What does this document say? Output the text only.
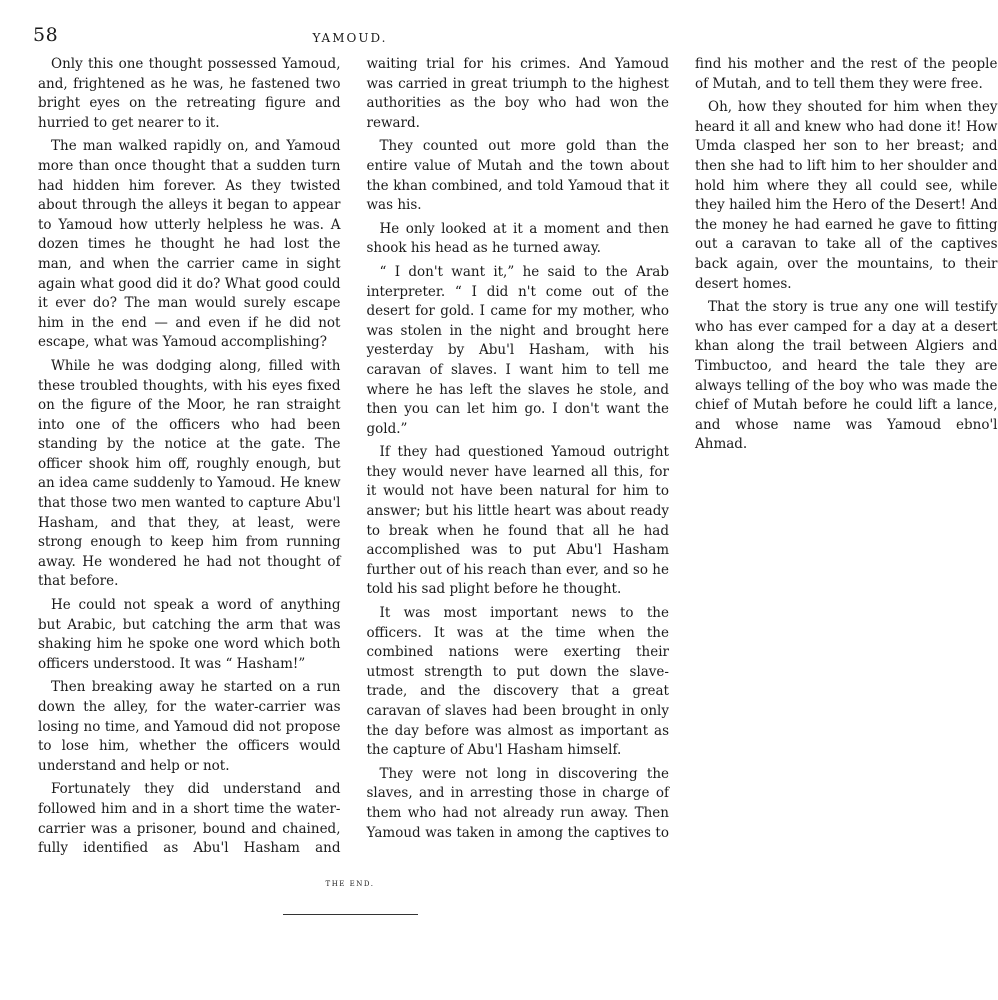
58	YAMOUD.

Only this one thought possessed Yamoud, and, frightened as he was, he fastened two bright eyes on the retreating figure and hurried to get nearer to it.

The man walked rapidly on, and Yamoud more than once thought that a sudden turn had hidden him forever. As they twisted about through the alleys it began to appear to Yamoud how utterly helpless he was. A dozen times he thought he had lost the man, and when the carrier came in sight again what good did it do? What good could it ever do? The man would surely escape him in the end — and even if he did not escape, what was Yamoud accomplishing?

While he was dodging along, filled with these troubled thoughts, with his eyes fixed on the figure of the Moor, he ran straight into one of the officers who had been standing by the notice at the gate. The officer shook him off, roughly enough, but an idea came suddenly to Yamoud. He knew that those two men wanted to capture Abu'l Hasham, and that they, at least, were strong enough to keep him from running away. He wondered he had not thought of that before.

He could not speak a word of anything but Arabic, but catching the arm that was shaking him he spoke one word which both officers understood. It was “ Hasham!”

Then breaking away he started on a run down the alley, for the water-carrier was losing no time, and Yamoud did not propose to lose him, whether the officers would understand and help or not.

Fortunately they did understand and followed him and in a short time the water-carrier was a prisoner, bound and chained, fully identified as Abu'l Hasham and waiting trial for his crimes. And Yamoud was carried in great triumph to the highest authorities as the boy who had won the reward.

They counted out more gold than the entire value of Mutah and the town about the khan combined, and told Yamoud that it was his.

He only looked at it a moment and then shook his head as he turned away.

“ I don't want it,” he said to the Arab interpreter. “ I did n't come out of the desert for gold. I came for my mother, who was stolen in the night and brought here yesterday by Abu'l Hasham, with his caravan of slaves. I want him to tell me where he has left the slaves he stole, and then you can let him go. I don't want the gold.”

If they had questioned Yamoud outright they would never have learned all this, for it would not have been natural for him to answer; but his little heart was about ready to break when he found that all he had accomplished was to put Abu'l Hasham further out of his reach than ever, and so he told his sad plight before he thought.

It was most important news to the officers. It was at the time when the combined nations were exerting their utmost strength to put down the slave-trade, and the discovery that a great caravan of slaves had been brought in only the day before was almost as important as the capture of Abu'l Hasham himself.

They were not long in discovering the slaves, and in arresting those in charge of them who had not already run away. Then Yamoud was taken in among the captives to find his mother and the rest of the people of Mutah, and to tell them they were free.

Oh, how they shouted for him when they heard it all and knew who had done it! How Umda clasped her son to her breast; and then she had to lift him to her shoulder and hold him where they all could see, while they hailed him the Hero of the Desert! And the money he had earned he gave to fitting out a caravan to take all of the captives back again, over the mountains, to their desert homes.

That the story is true any one will testify who has ever camped for a day at a desert khan along the trail between Algiers and Timbuctoo, and heard the tale they are always telling of the boy who was made the chief of Mutah before he could lift a lance, and whose name was Yamoud ebno'l Ahmad.

THE END.
